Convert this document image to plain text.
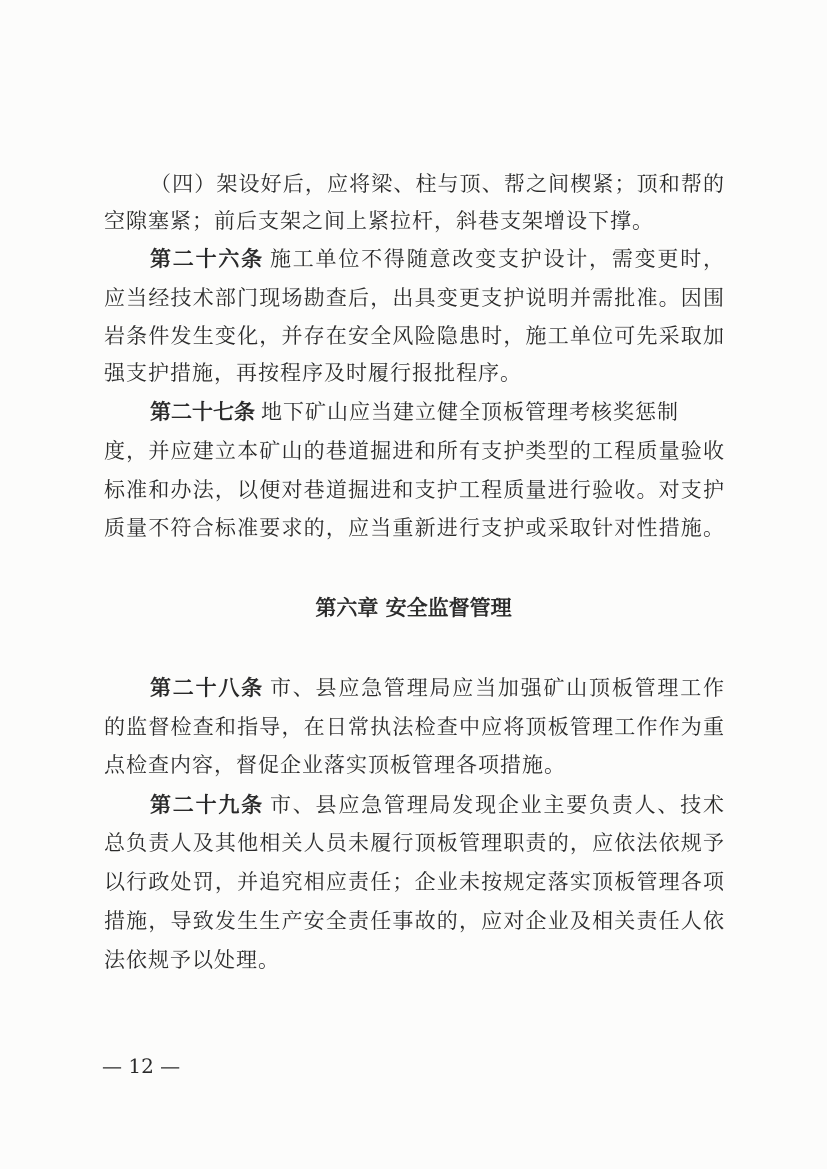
（四）架设好后，应将梁、柱与顶、帮之间楔紧；顶和帮的
空隙塞紧；前后支架之间上紧拉杆，斜巷支架增设下撑。
第二十六条 施工单位不得随意改变支护设计，需变更时，
应当经技术部门现场勘查后，出具变更支护说明并需批准。因围
岩条件发生变化，并存在安全风险隐患时，施工单位可先采取加
强支护措施，再按程序及时履行报批程序。
第二十七条 地下矿山应当建立健全顶板管理考核奖惩制
度，并应建立本矿山的巷道掘进和所有支护类型的工程质量验收
标准和办法，以便对巷道掘进和支护工程质量进行验收。对支护
质量不符合标准要求的，应当重新进行支护或采取针对性措施。
第六章 安全监督管理
第二十八条 市、县应急管理局应当加强矿山顶板管理工作
的监督检查和指导，在日常执法检查中应将顶板管理工作作为重
点检查内容，督促企业落实顶板管理各项措施。
第二十九条 市、县应急管理局发现企业主要负责人、技术
总负责人及其他相关人员未履行顶板管理职责的，应依法依规予
以行政处罚，并追究相应责任；企业未按规定落实顶板管理各项
措施，导致发生生产安全责任事故的，应对企业及相关责任人依
法依规予以处理。
— 12 —
